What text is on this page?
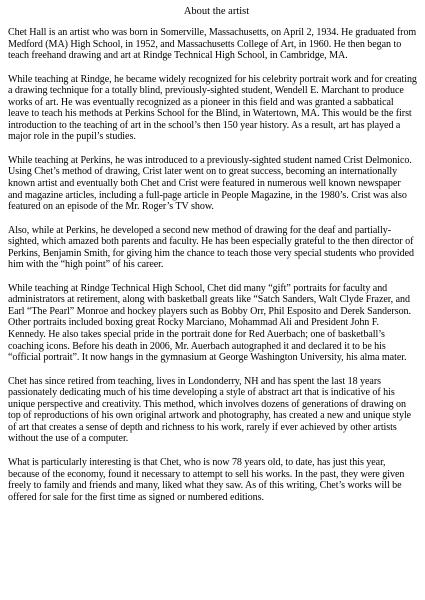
About the artist

Chet Hall is an artist who was born in Somerville, Massachusetts, on April 2, 1934. He graduated from Medford (MA) High School, in 1952, and Massachusetts College of Art, in 1960. He then began to teach freehand drawing and art at Rindge Technical High School, in Cambridge, MA.

While teaching at Rindge, he became widely recognized for his celebrity portrait work and for creating a drawing technique for a totally blind, previously-sighted student, Wendell E. Marchant to produce works of art. He was eventually recognized as a pioneer in this field and was granted a sabbatical leave to teach his methods at Perkins School for the Blind, in Watertown, MA. This would be the first introduction to the teaching of art in the school’s then 150 year history. As a result, art has played a major role in the pupil’s studies.

While teaching at Perkins, he was introduced to a previously-sighted student named Crist Delmonico. Using Chet’s method of drawing, Crist later went on to great success, becoming an internationally known artist and eventually both Chet and Crist were featured in numerous well known newspaper and magazine articles, including a full-page article in People Magazine, in the 1980’s. Crist was also featured on an episode of the Mr. Roger’s TV show.

Also, while at Perkins, he developed a second new method of drawing for the deaf and partially-sighted, which amazed both parents and faculty. He has been especially grateful to the then director of Perkins, Benjamin Smith, for giving him the chance to teach those very special students who provided him with the “high point” of his career.

While teaching at Rindge Technical High School, Chet did many “gift” portraits for faculty and administrators at retirement, along with basketball greats like “Satch Sanders, Walt Clyde Frazer, and Earl “The Pearl” Monroe and hockey players such as Bobby Orr, Phil Esposito and Derek Sanderson. Other portraits included boxing great Rocky Marciano, Mohammad Ali and President John F. Kennedy. He also takes special pride in the portrait done for Red Auerbach; one of basketball’s coaching icons. Before his death in 2006, Mr. Auerbach autographed it and declared it to be his “official portrait”. It now hangs in the gymnasium at George Washington University, his alma mater.

Chet has since retired from teaching, lives in Londonderry, NH and has spent the last 18 years passionately dedicating much of his time developing a style of abstract art that is indicative of his unique perspective and creativity. This method, which involves dozens of generations of drawing on top of reproductions of his own original artwork and photography, has created a new and unique style of art that creates a sense of depth and richness to his work, rarely if ever achieved by other artists without the use of a computer.

What is particularly interesting is that Chet, who is now 78 years old, to date, has just this year, because of the economy, found it necessary to attempt to sell his works. In the past, they were given freely to family and friends and many, liked what they saw. As of this writing, Chet’s works will be offered for sale for the first time as signed or numbered editions.
